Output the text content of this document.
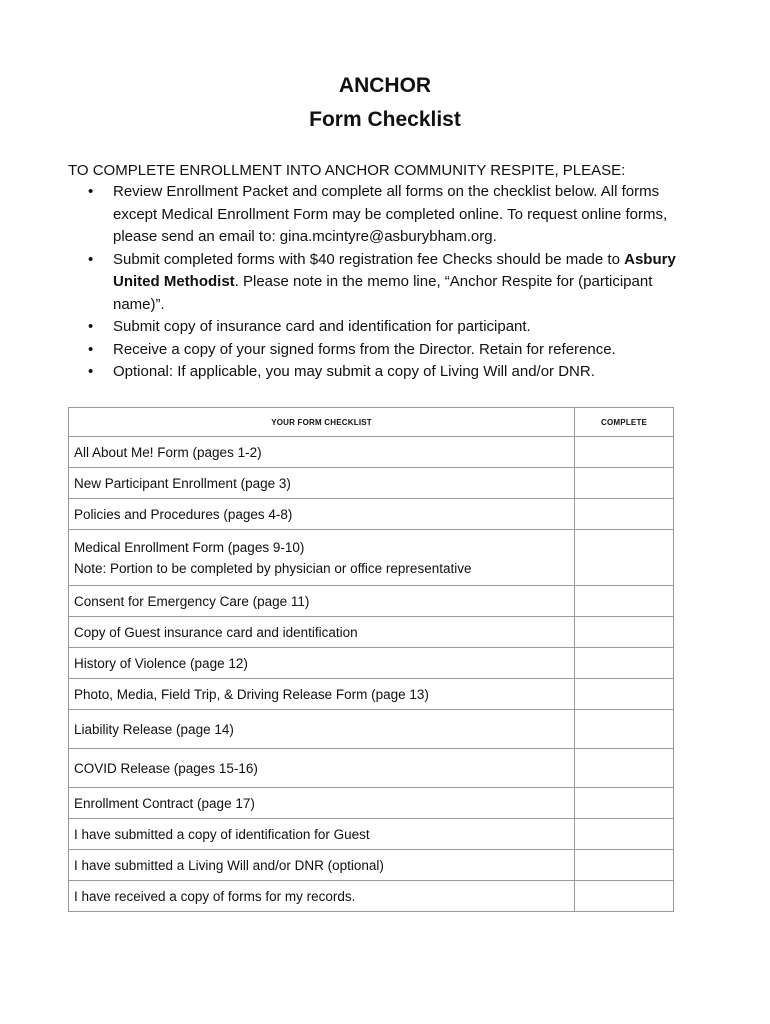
ANCHOR
Form Checklist

TO COMPLETE ENROLLMENT INTO ANCHOR COMMUNITY RESPITE, PLEASE:

• Review Enrollment Packet and complete all forms on the checklist below. All forms except Medical Enrollment Form may be completed online. To request online forms, please send an email to: gina.mcintyre@asburybham.org.
• Submit completed forms with $40 registration fee Checks should be made to Asbury United Methodist. Please note in the memo line, “Anchor Respite for (participant name)”.
• Submit copy of insurance card and identification for participant.
• Receive a copy of your signed forms from the Director. Retain for reference.
• Optional: If applicable, you may submit a copy of Living Will and/or DNR.
YOUR FORM CHECKLIST	COMPLETE
All About Me! Form (pages 1-2)	
New Participant Enrollment (page 3)	
Policies and Procedures (pages 4-8)	

Medical Enrollment Form (pages 9-10)
Note: Portion to be completed by physician or office representative	

Consent for Emergency Care (page 11)	
Copy of Guest insurance card and identification	
History of Violence (page 12)	
Photo, Media, Field Trip, & Driving Release Form (page 13)	
Liability Release (page 14)	
COVID Release (pages 15-16)	
Enrollment Contract (page 17)	
I have submitted a copy of identification for Guest	
I have submitted a Living Will and/or DNR (optional)	
I have received a copy of forms for my records.	
